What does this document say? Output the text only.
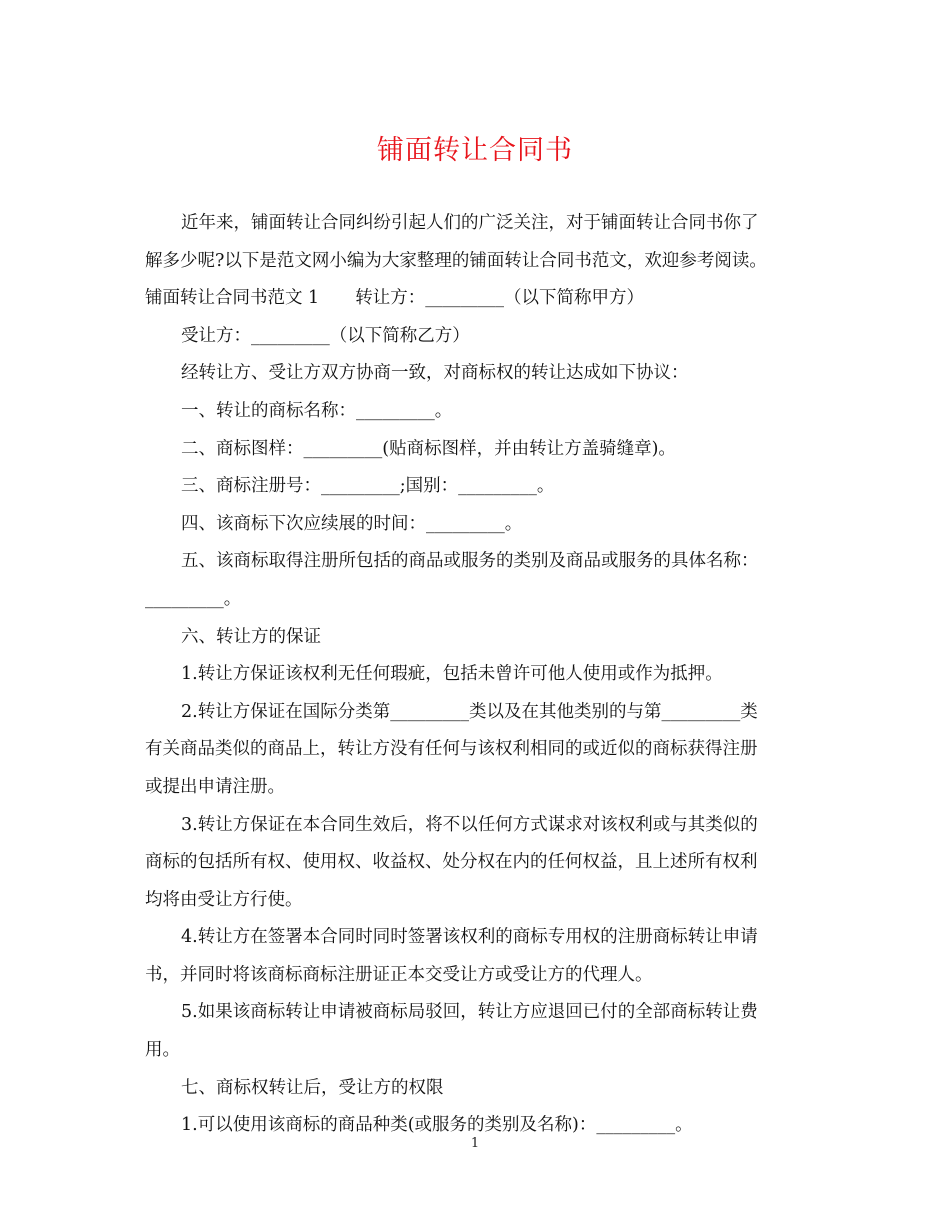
铺面转让合同书
近年来，铺面转让合同纠纷引起人们的广泛关注，对于铺面转让合同书你了
解多少呢?以下是范文网小编为大家整理的铺面转让合同书范文，欢迎参考阅读。
铺面转让合同书范文 1 转让方：_________（以下简称甲方）
受让方：_________（以下简称乙方）
经转让方、受让方双方协商一致，对商标权的转让达成如下协议：
一、转让的商标名称：_________。
二、商标图样：_________(贴商标图样，并由转让方盖骑缝章)。
三、商标注册号：_________;国别：_________。
四、该商标下次应续展的时间：_________。
五、该商标取得注册所包括的商品或服务的类别及商品或服务的具体名称：
_________。
六、转让方的保证
1.转让方保证该权利无任何瑕疵，包括未曾许可他人使用或作为抵押。
2.转让方保证在国际分类第_________类以及在其他类别的与第_________类
有关商品类似的商品上，转让方没有任何与该权利相同的或近似的商标获得注册
或提出申请注册。
3.转让方保证在本合同生效后，将不以任何方式谋求对该权利或与其类似的
商标的包括所有权、使用权、收益权、处分权在内的任何权益，且上述所有权利
均将由受让方行使。
4.转让方在签署本合同时同时签署该权利的商标专用权的注册商标转让申请
书，并同时将该商标商标注册证正本交受让方或受让方的代理人。
5.如果该商标转让申请被商标局驳回，转让方应退回已付的全部商标转让费
用。
七、商标权转让后，受让方的权限
1.可以使用该商标的商品种类(或服务的类别及名称)：_________。
1
